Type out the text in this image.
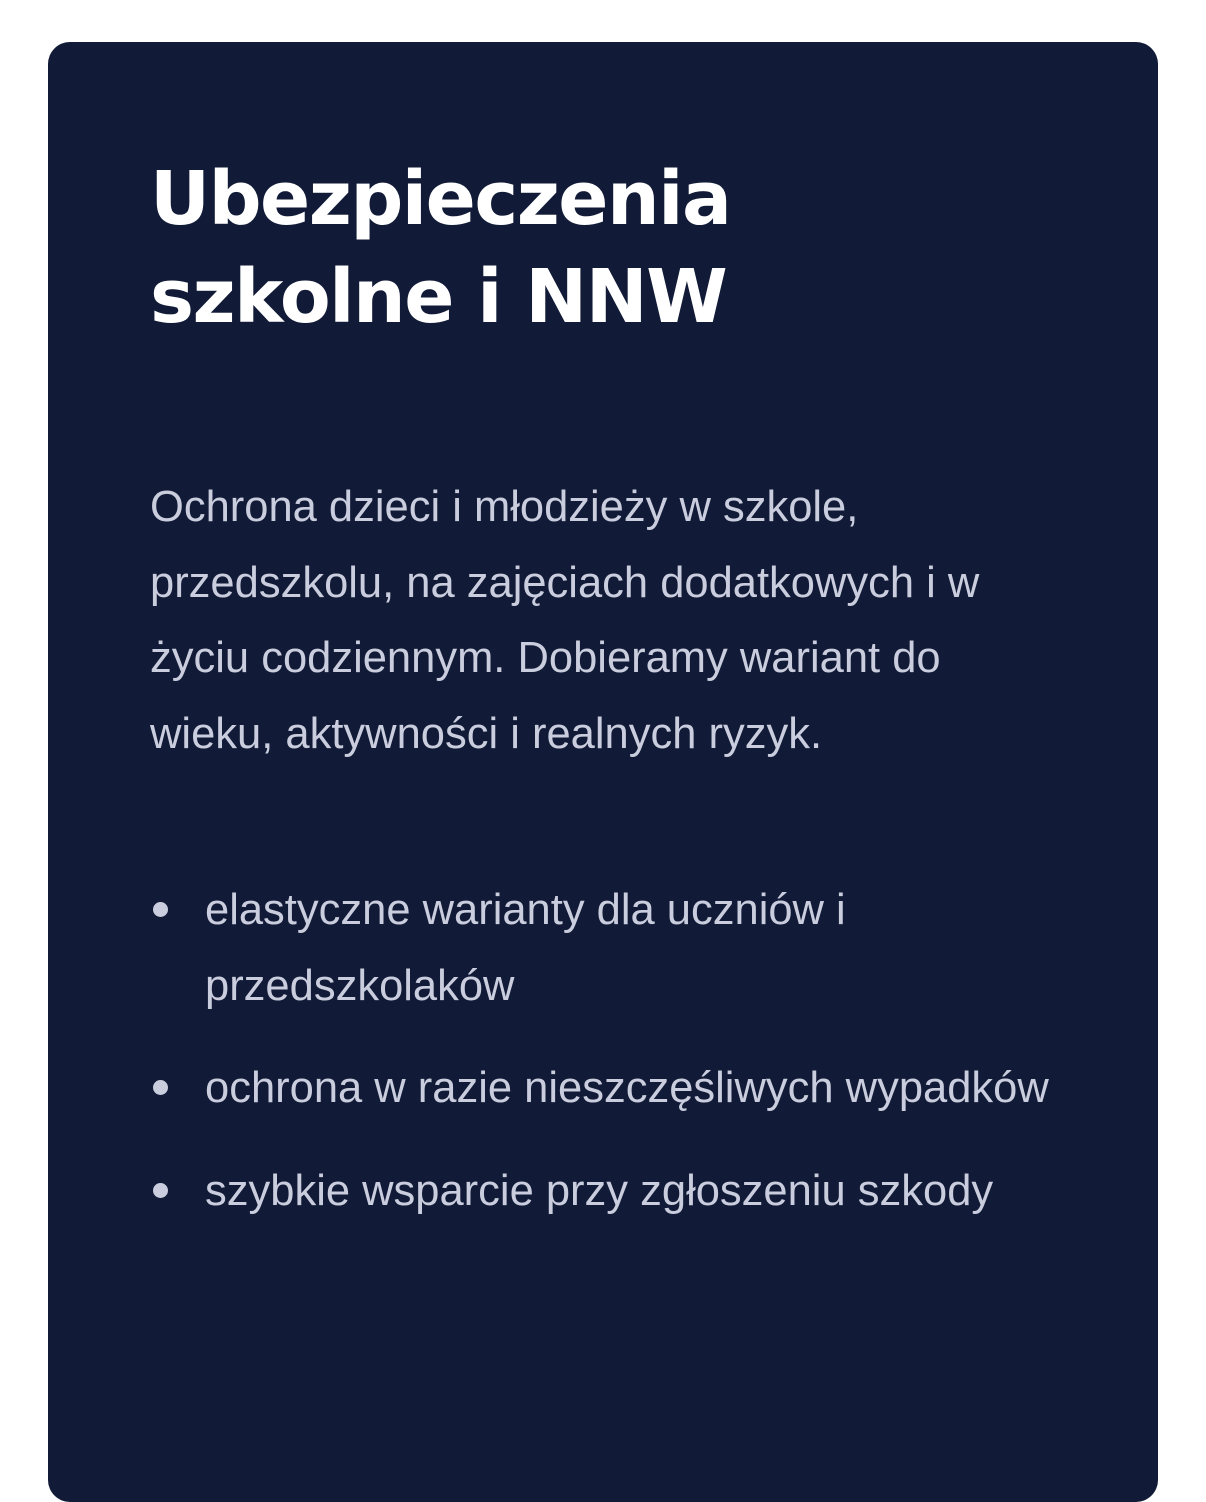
Ubezpieczenia
szkolne i NNW

Ochrona dzieci i młodzieży w szkole, przedszkolu, na zajęciach dodatkowych i w życiu codziennym. Dobieramy wariant do wieku, aktywności i realnych ryzyk.

elastyczne warianty dla uczniów i przedszkolaków
ochrona w razie nieszczęśliwych wypadków
szybkie wsparcie przy zgłoszeniu szkody
